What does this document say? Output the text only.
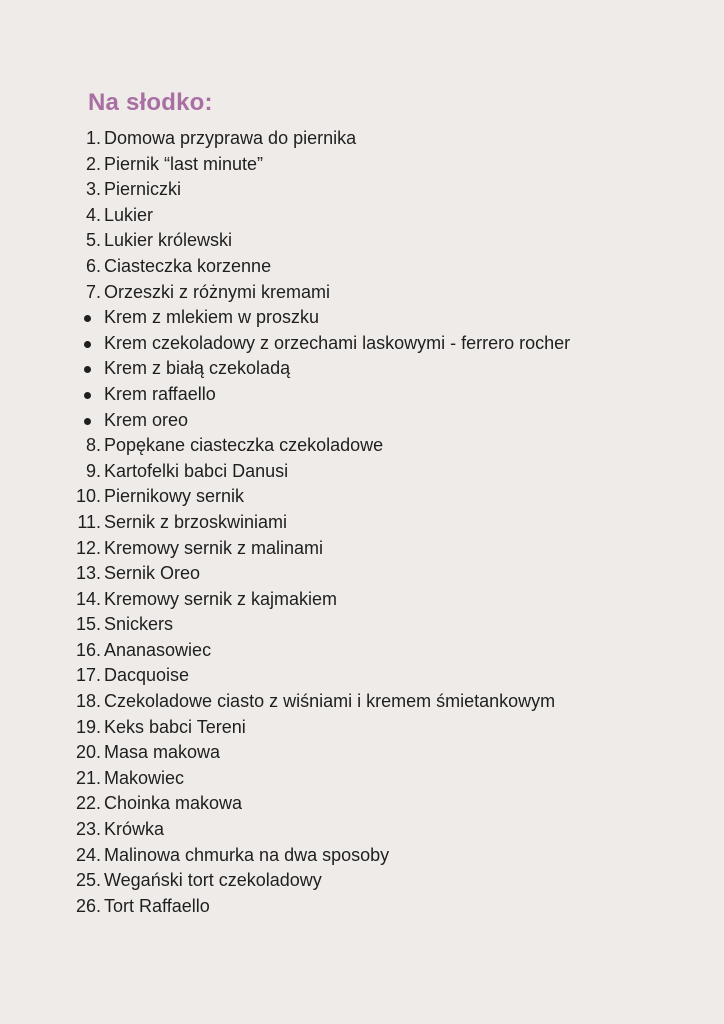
Na słodko:
1. Domowa przyprawa do piernika
2. Piernik “last minute”
3. Pierniczki
4. Lukier
5. Lukier królewski
6. Ciasteczka korzenne
7. Orzeszki z różnymi kremami
Krem z mlekiem w proszku
Krem czekoladowy z orzechami laskowymi - ferrero rocher
Krem z białą czekoladą
Krem raffaello
Krem oreo
8. Popękane ciasteczka czekoladowe
9. Kartofelki babci Danusi
10. Piernikowy sernik
11. Sernik z brzoskwiniami
12. Kremowy sernik z malinami
13. Sernik Oreo
14. Kremowy sernik z kajmakiem
15. Snickers
16. Ananasowiec
17. Dacquoise
18. Czekoladowe ciasto z wiśniami i kremem śmietankowym
19. Keks babci Tereni
20. Masa makowa
21. Makowiec
22. Choinka makowa
23. Krówka
24. Malinowa chmurka na dwa sposoby
25. Wegański tort czekoladowy
26. Tort Raffaello
